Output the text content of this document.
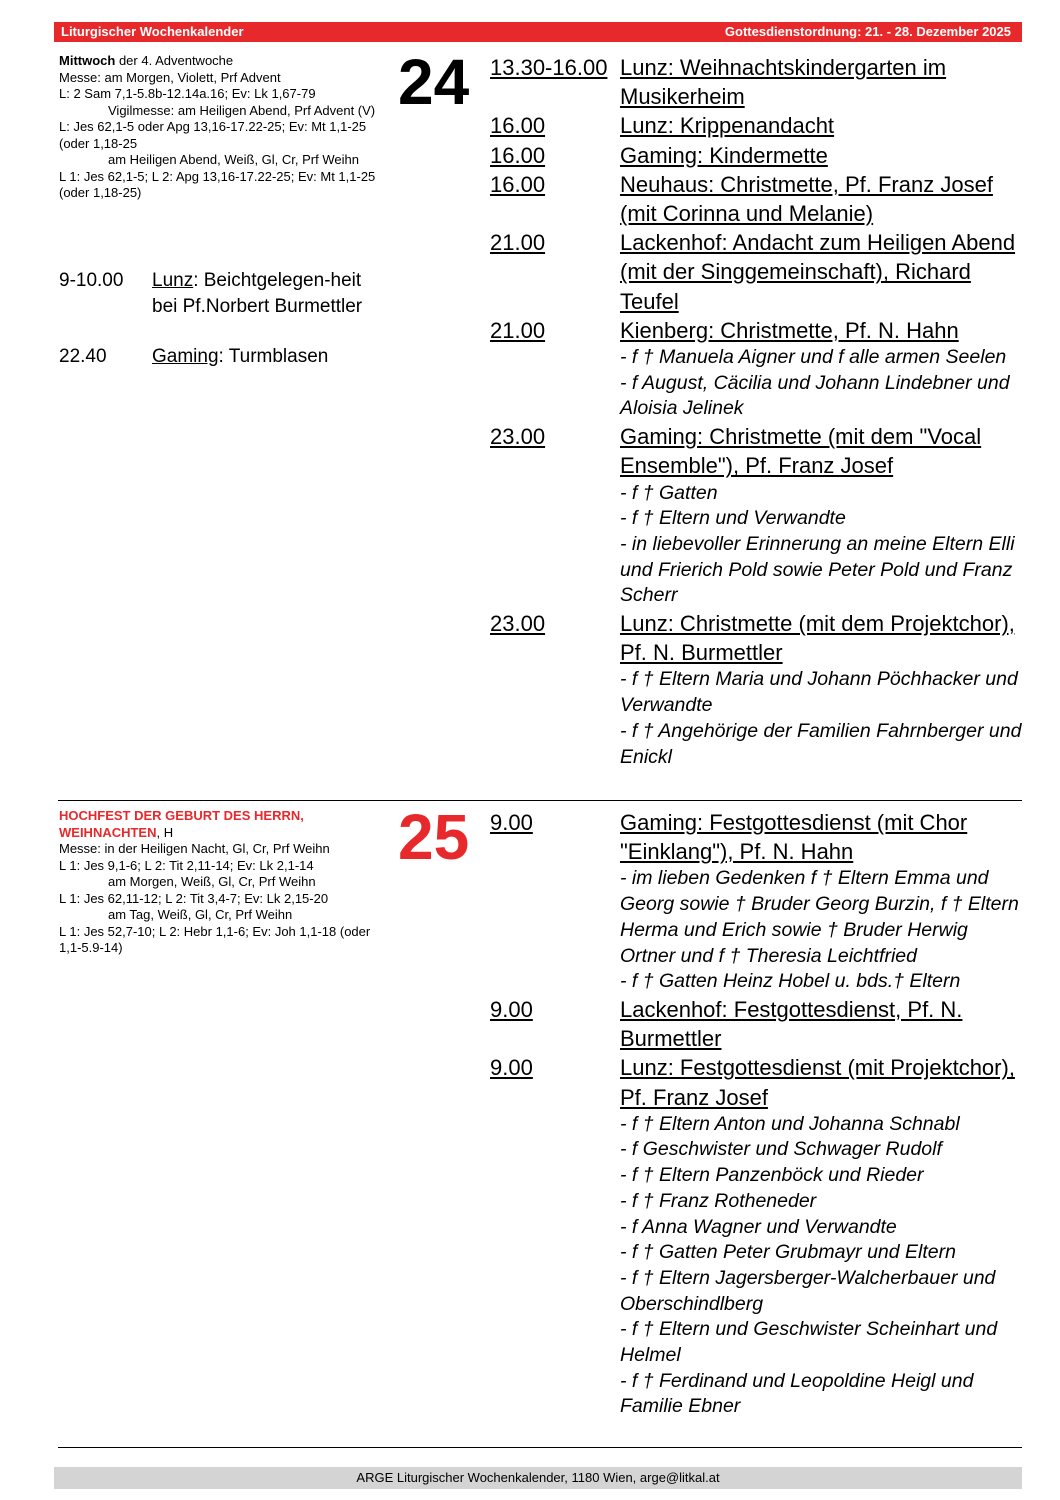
Liturgischer Wochenkalender	Gottesdienstordnung: 21. - 28. Dezember 2025
Mittwoch der 4. Adventwoche
Messe: am Morgen, Violett, Prf Advent
L: 2 Sam 7,1-5.8b-12.14a.16; Ev: Lk 1,67-79
Vigilmesse: am Heiligen Abend, Prf Advent (V)
L: Jes 62,1-5 oder Apg 13,16-17.22-25; Ev: Mt 1,1-25 (oder 1,18-25
am Heiligen Abend, Weiß, Gl, Cr, Prf Weihn
L 1: Jes 62,1-5; L 2: Apg 13,16-17.22-25; Ev: Mt 1,1-25 (oder 1,18-25)
24
9-10.00	Lunz: Beichtgelegen-heit bei Pf.Norbert Burmettler
22.40	Gaming: Turmblasen
13.30-16.00 Lunz: Weihnachtskindergarten im Musikerheim
16.00	Lunz: Krippenandacht
16.00	Gaming: Kindermette
16.00	Neuhaus: Christmette, Pf. Franz Josef (mit Corinna und Melanie)
21.00	Lackenhof: Andacht zum Heiligen Abend (mit der Singgemeinschaft), Richard Teufel
21.00	Kienberg: Christmette, Pf. N. Hahn
- f † Manuela Aigner und f alle armen Seelen
- f August, Cäcilia und Johann Lindebner und Aloisia Jelinek
23.00	Gaming: Christmette (mit dem "Vocal Ensemble"), Pf. Franz Josef
- f † Gatten
- f † Eltern und Verwandte
- in liebevoller Erinnerung an meine Eltern Elli und Frierich Pold sowie Peter Pold und Franz Scherr
23.00	Lunz: Christmette (mit dem Projektchor), Pf. N. Burmettler
- f † Eltern Maria und Johann Pöchhacker und Verwandte
- f † Angehörige der Familien Fahrnberger und Enickl
HOCHFEST DER GEBURT DES HERRN, WEIHNACHTEN, H
Messe: in der Heiligen Nacht, Gl, Cr, Prf Weihn
L 1: Jes 9,1-6; L 2: Tit 2,11-14; Ev: Lk 2,1-14
am Morgen, Weiß, Gl, Cr, Prf Weihn
L 1: Jes 62,11-12; L 2: Tit 3,4-7; Ev: Lk 2,15-20
am Tag, Weiß, Gl, Cr, Prf Weihn
L 1: Jes 52,7-10; L 2: Hebr 1,1-6; Ev: Joh 1,1-18 (oder 1,1-5.9-14)
25 9.00	Gaming: Festgottesdienst (mit Chor "Einklang"), Pf. N. Hahn
- im lieben Gedenken f † Eltern Emma und Georg sowie † Bruder Georg Burzin, f † Eltern Herma und Erich sowie † Bruder Herwig Ortner und f † Theresia Leichtfried
- f † Gatten Heinz Hobel u. bds.† Eltern
9.00	Lackenhof: Festgottesdienst, Pf. N. Burmettler
9.00	Lunz: Festgottesdienst (mit Projektchor), Pf. Franz Josef
- f † Eltern Anton und Johanna Schnabl
- f Geschwister und Schwager Rudolf
- f † Eltern Panzenböck und Rieder
- f † Franz Rotheneder
- f Anna Wagner und Verwandte
- f † Gatten Peter Grubmayr und Eltern
- f † Eltern Jagersberger-Walcherbauer und Oberschindlberg
- f † Eltern und Geschwister Scheinhart und Helmel
- f † Ferdinand und Leopoldine Heigl und Familie Ebner
ARGE Liturgischer Wochenkalender, 1180 Wien, arge@litkal.at
